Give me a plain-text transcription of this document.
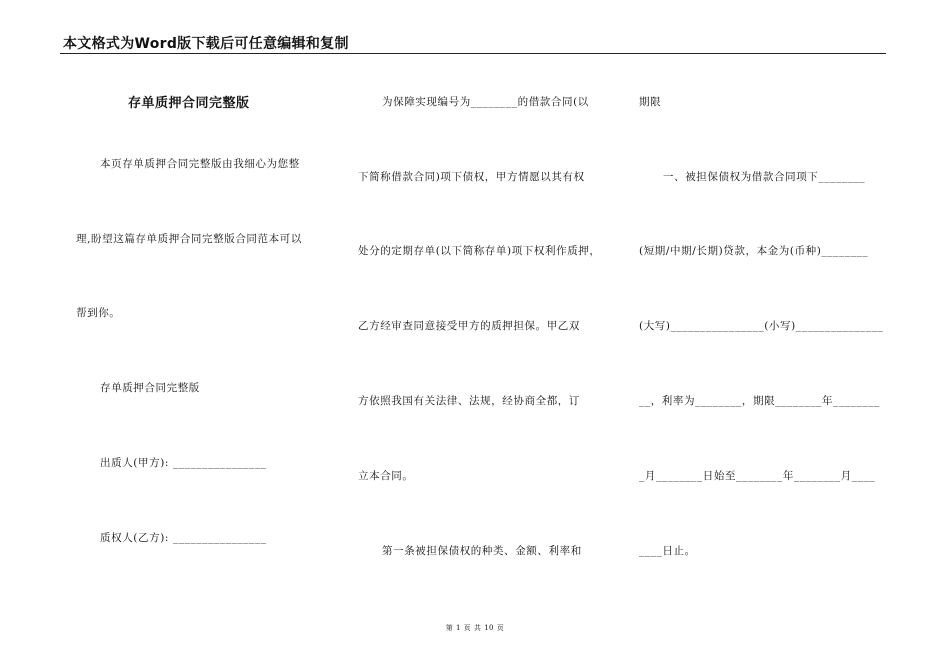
本文格式为Word版下载后可任意编辑和复制
存单质押合同完整版
本页存单质押合同完整版由我细心为您整
理,盼望这篇存单质押合同完整版合同范本可以
帮到你。
存单质押合同完整版
出质人(甲方): ________________
质权人(乙方): ________________
为保障实现编号为________的借款合同(以
下简称借款合同)项下债权，甲方情愿以其有权
处分的定期存单(以下简称存单)项下权利作质押，
乙方经审查同意接受甲方的质押担保。甲乙双
方依照我国有关法律、法规，经协商全都，订
立本合同。
第一条被担保债权的种类、金额、利率和
期限
一、被担保债权为借款合同项下________
(短期/中期/长期)贷款，本金为(币种)________
(大写)________________(小写)_______________
__，利率为________，期限________年________
_月________日始至________年________月____
____日止。
第 1 页 共 10 页
